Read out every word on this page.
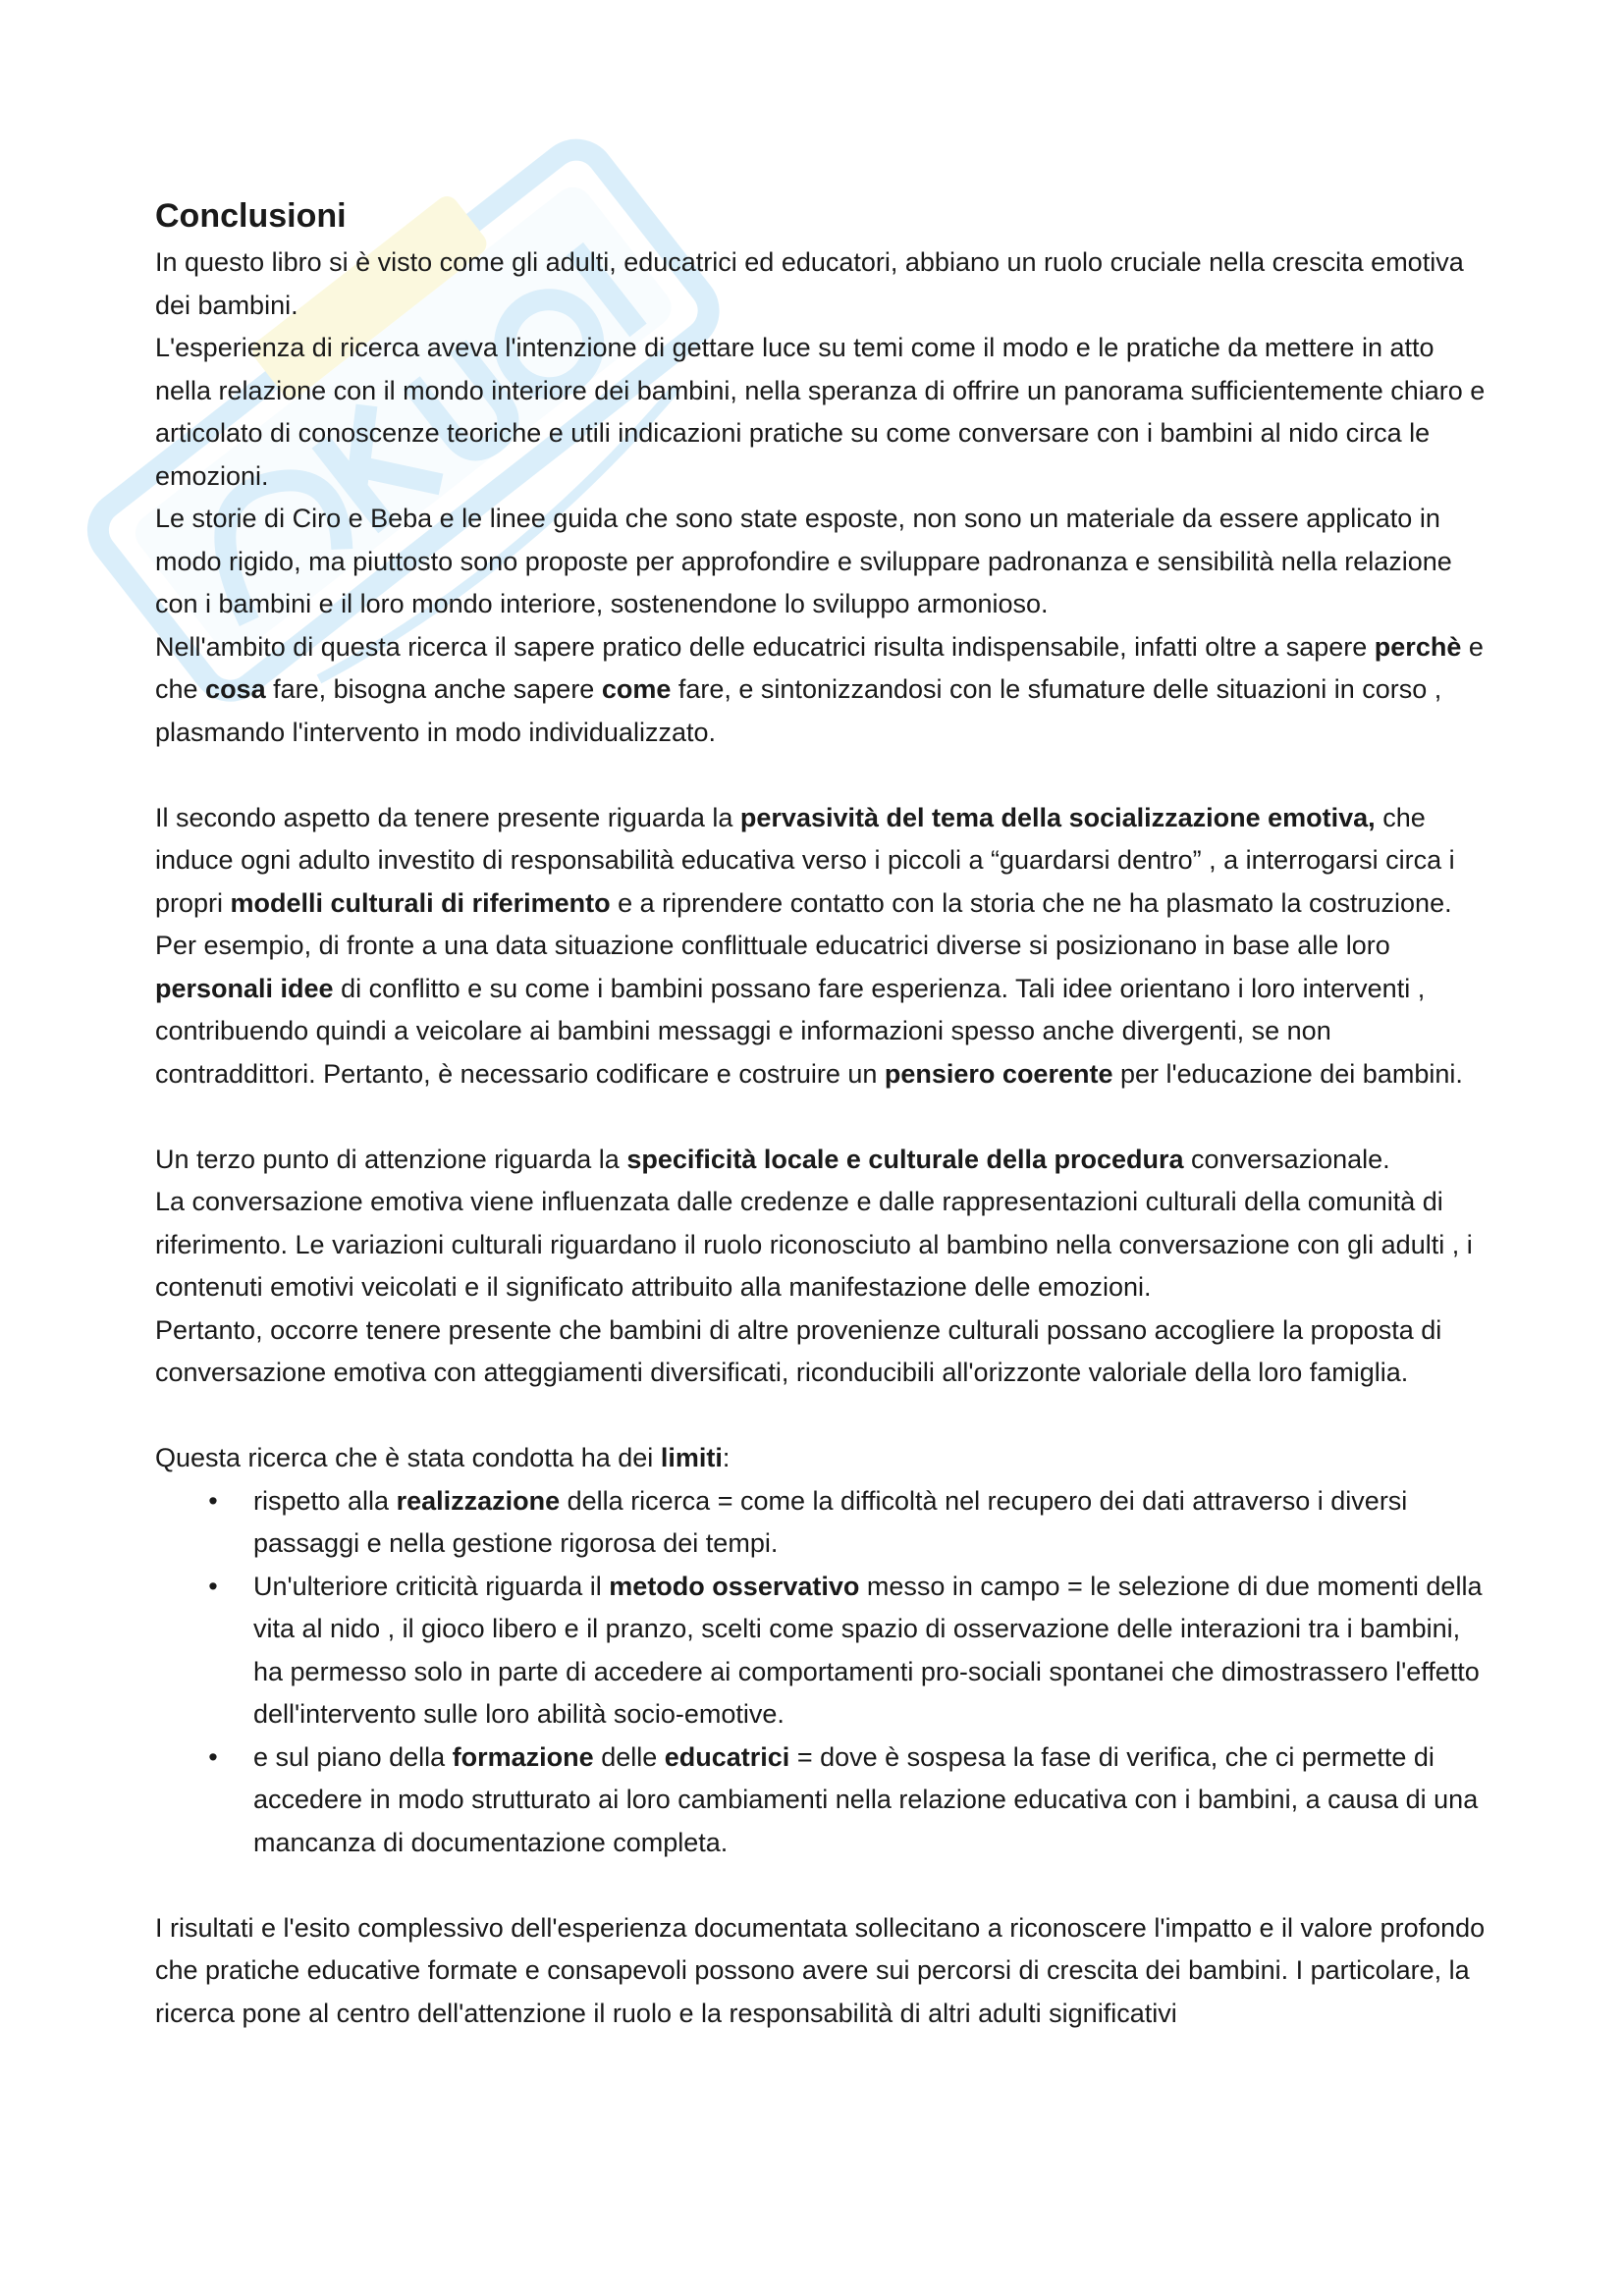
Conclusioni

In questo libro si è visto come gli adulti, educatrici ed educatori, abbiano un ruolo cruciale nella crescita emotiva dei bambini.

L'esperienza di ricerca aveva l'intenzione di gettare luce su temi come il modo e le pratiche da mettere in atto nella relazione con il mondo interiore dei bambini, nella speranza di offrire un panorama sufficientemente chiaro e articolato di conoscenze teoriche e utili indicazioni pratiche su come conversare con i bambini al nido circa le emozioni.

Le storie di Ciro e Beba e le linee guida che sono state esposte, non sono un materiale da essere applicato in modo rigido, ma piuttosto sono proposte per approfondire e sviluppare padronanza e sensibilità nella relazione con i bambini e il loro mondo interiore, sostenendone lo sviluppo armonioso.

Nell'ambito di questa ricerca il sapere pratico delle educatrici risulta indispensabile, infatti oltre a sapere perchè e che cosa fare, bisogna anche sapere come fare, e sintonizzandosi con le sfumature delle situazioni in corso , plasmando l'intervento in modo individualizzato.

Il secondo aspetto da tenere presente riguarda la pervasività del tema della socializzazione emotiva, che induce ogni adulto investito di responsabilità educativa verso i piccoli a “guardarsi dentro” , a interrogarsi circa i propri modelli culturali di riferimento e a riprendere contatto con la storia che ne ha plasmato la costruzione.

Per esempio, di fronte a una data situazione conflittuale educatrici diverse si posizionano in base alle loro personali idee di conflitto e su come i bambini possano fare esperienza. Tali idee orientano i loro interventi , contribuendo quindi a veicolare ai bambini messaggi e informazioni spesso anche divergenti, se non contraddittori. Pertanto, è necessario codificare e costruire un pensiero coerente per l'educazione dei bambini.

Un terzo punto di attenzione riguarda la specificità locale e culturale della procedura conversazionale.

La conversazione emotiva viene influenzata dalle credenze e dalle rappresentazioni culturali della comunità di riferimento. Le variazioni culturali riguardano il ruolo riconosciuto al bambino nella conversazione con gli adulti , i contenuti emotivi veicolati e il significato attribuito alla manifestazione delle emozioni.

Pertanto, occorre tenere presente che bambini di altre provenienze culturali possano accogliere la proposta di conversazione emotiva con atteggiamenti diversificati, riconducibili all'orizzonte valoriale della loro famiglia.

Questa ricerca che è stata condotta ha dei limiti:

• rispetto alla realizzazione della ricerca = come la difficoltà nel recupero dei dati attraverso i diversi passaggi e nella gestione rigorosa dei tempi.
• Un'ulteriore criticità riguarda il metodo osservativo messo in campo = le selezione di due momenti della vita al nido , il gioco libero e il pranzo, scelti come spazio di osservazione delle interazioni tra i bambini, ha permesso solo in parte di accedere ai comportamenti pro-sociali spontanei che dimostrassero l'effetto dell'intervento sulle loro abilità socio-emotive.
• e sul piano della formazione delle educatrici = dove è sospesa la fase di verifica, che ci permette di accedere in modo strutturato ai loro cambiamenti nella relazione educativa con i bambini, a causa di una mancanza di documentazione completa.

I risultati e l'esito complessivo dell'esperienza documentata sollecitano a riconoscere l'impatto e il valore profondo che pratiche educative formate e consapevoli possono avere sui percorsi di crescita dei bambini. I particolare, la ricerca pone al centro dell'attenzione il ruolo e la responsabilità di altri adulti significativi
